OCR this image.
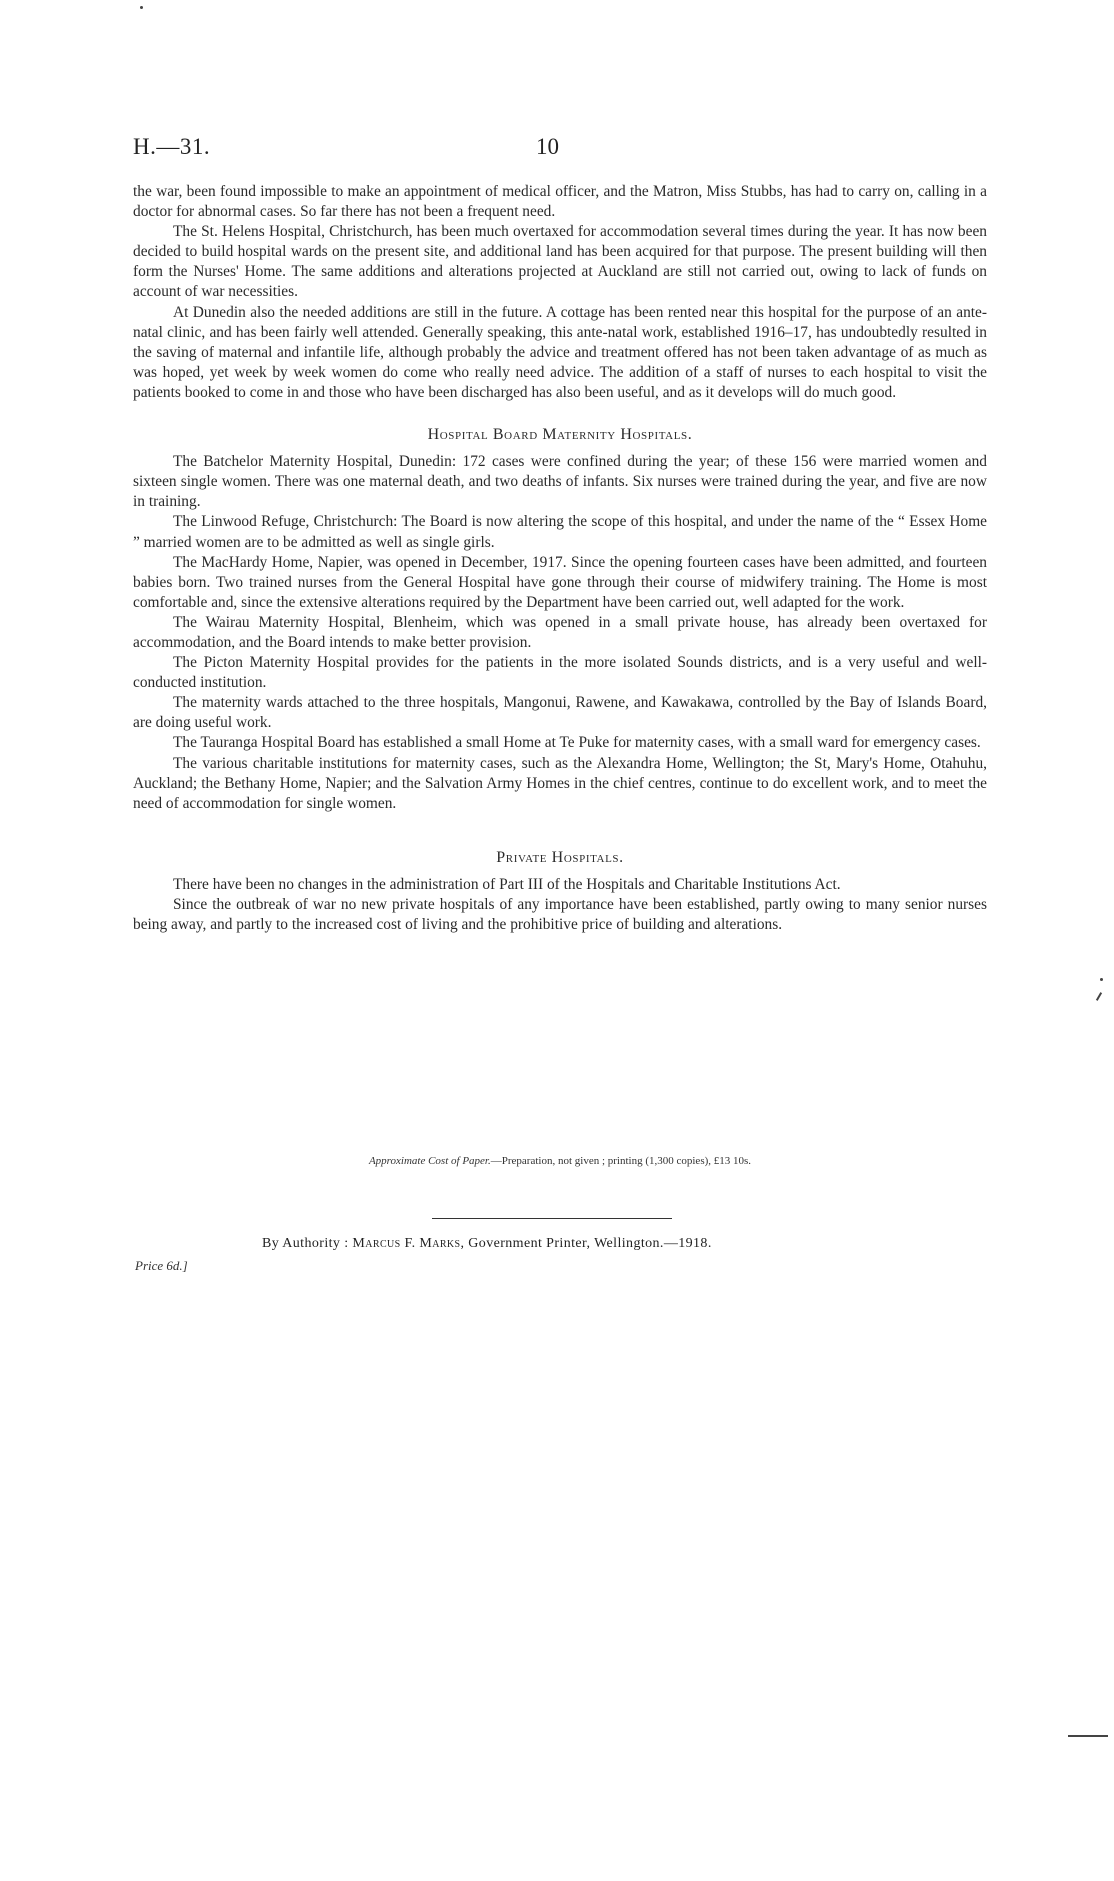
H.—31.	10

the war, been found impossible to make an appointment of medical officer, and the Matron, Miss Stubbs, has had to carry on, calling in a doctor for abnormal cases. So far there has not been a frequent need.

The St. Helens Hospital, Christchurch, has been much overtaxed for accommodation several times during the year. It has now been decided to build hospital wards on the present site, and additional land has been acquired for that purpose. The present building will then form the Nurses' Home. The same additions and alterations projected at Auckland are still not carried out, owing to lack of funds on account of war necessities.

At Dunedin also the needed additions are still in the future. A cottage has been rented near this hospital for the purpose of an ante-natal clinic, and has been fairly well attended. Generally speaking, this ante-natal work, established 1916–17, has undoubtedly resulted in the saving of maternal and infantile life, although probably the advice and treatment offered has not been taken advantage of as much as was hoped, yet week by week women do come who really need advice. The addition of a staff of nurses to each hospital to visit the patients booked to come in and those who have been discharged has also been useful, and as it develops will do much good.

Hospital Board Maternity Hospitals.

The Batchelor Maternity Hospital, Dunedin: 172 cases were confined during the year; of these 156 were married women and sixteen single women. There was one maternal death, and two deaths of infants. Six nurses were trained during the year, and five are now in training.

The Linwood Refuge, Christchurch: The Board is now altering the scope of this hospital, and under the name of the “ Essex Home ” married women are to be admitted as well as single girls.

The MacHardy Home, Napier, was opened in December, 1917. Since the opening fourteen cases have been admitted, and fourteen babies born. Two trained nurses from the General Hospital have gone through their course of midwifery training. The Home is most comfortable and, since the extensive alterations required by the Department have been carried out, well adapted for the work.

The Wairau Maternity Hospital, Blenheim, which was opened in a small private house, has already been overtaxed for accommodation, and the Board intends to make better provision.

The Picton Maternity Hospital provides for the patients in the more isolated Sounds districts, and is a very useful and well-conducted institution.

The maternity wards attached to the three hospitals, Mangonui, Rawene, and Kawakawa, controlled by the Bay of Islands Board, are doing useful work.

The Tauranga Hospital Board has established a small Home at Te Puke for maternity cases, with a small ward for emergency cases.

The various charitable institutions for maternity cases, such as the Alexandra Home, Wellington; the St, Mary's Home, Otahuhu, Auckland; the Bethany Home, Napier; and the Salvation Army Homes in the chief centres, continue to do excellent work, and to meet the need of accommodation for single women.

Private Hospitals.

There have been no changes in the administration of Part III of the Hospitals and Charitable Institutions Act.

Since the outbreak of war no new private hospitals of any importance have been established, partly owing to many senior nurses being away, and partly to the increased cost of living and the prohibitive price of building and alterations.

Approximate Cost of Paper.—Preparation, not given ; printing (1,300 copies), £13 10s.
By Authority : Marcus F. Marks, Government Printer, Wellington.—1918.
Price 6d.]
